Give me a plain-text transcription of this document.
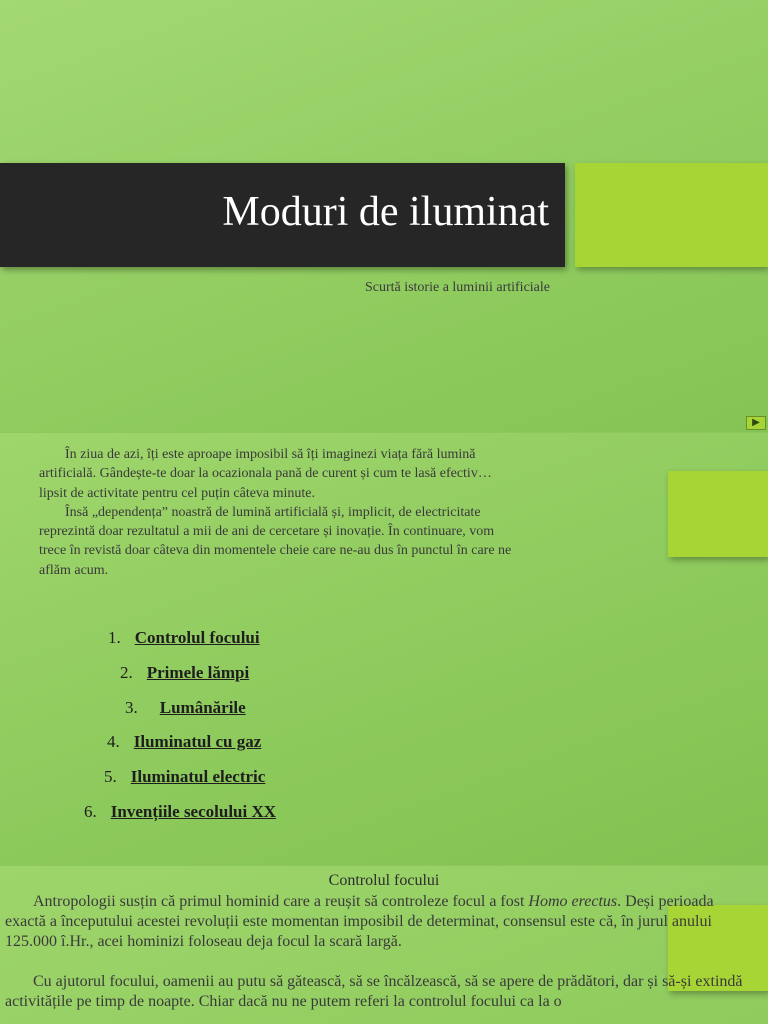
Moduri de iluminat
Scurtă istorie a luminii artificiale
▶

În ziua de azi, îți este aproape imposibil să îți imaginezi viața fără lumină artificială. Gândește-te doar la ocazionala pană de curent și cum te lasă efectiv… lipsit de activitate pentru cel puțin câteva minute.

Însă „dependența” noastră de lumină artificială și, implicit, de electricitate reprezintă doar rezultatul a mii de ani de cercetare și inovație. În continuare, vom trece în revistă doar câteva din momentele cheie care ne-au dus în punctul în care ne aflăm acum.

1. Controlul focului
2. Primele lămpi
3. Lumânările
4. Iluminatul cu gaz
5. Iluminatul electric
6. Invențiile secolului XX
Controlul focului

Antropologii susțin că primul hominid care a reușit să controleze focul a fost Homo erectus. Deși perioada exactă a începutului acestei revoluții este momentan imposibil de determinat, consensul este că, în jurul anului 125.000 î.Hr., acei hominizi foloseau deja focul la scară largă.

Cu ajutorul focului, oamenii au putu să gătească, să se încălzească, să se apere de prădători, dar și să-și extindă activitățile pe timp de noapte. Chiar dacă nu ne putem referi la controlul focului ca la o
